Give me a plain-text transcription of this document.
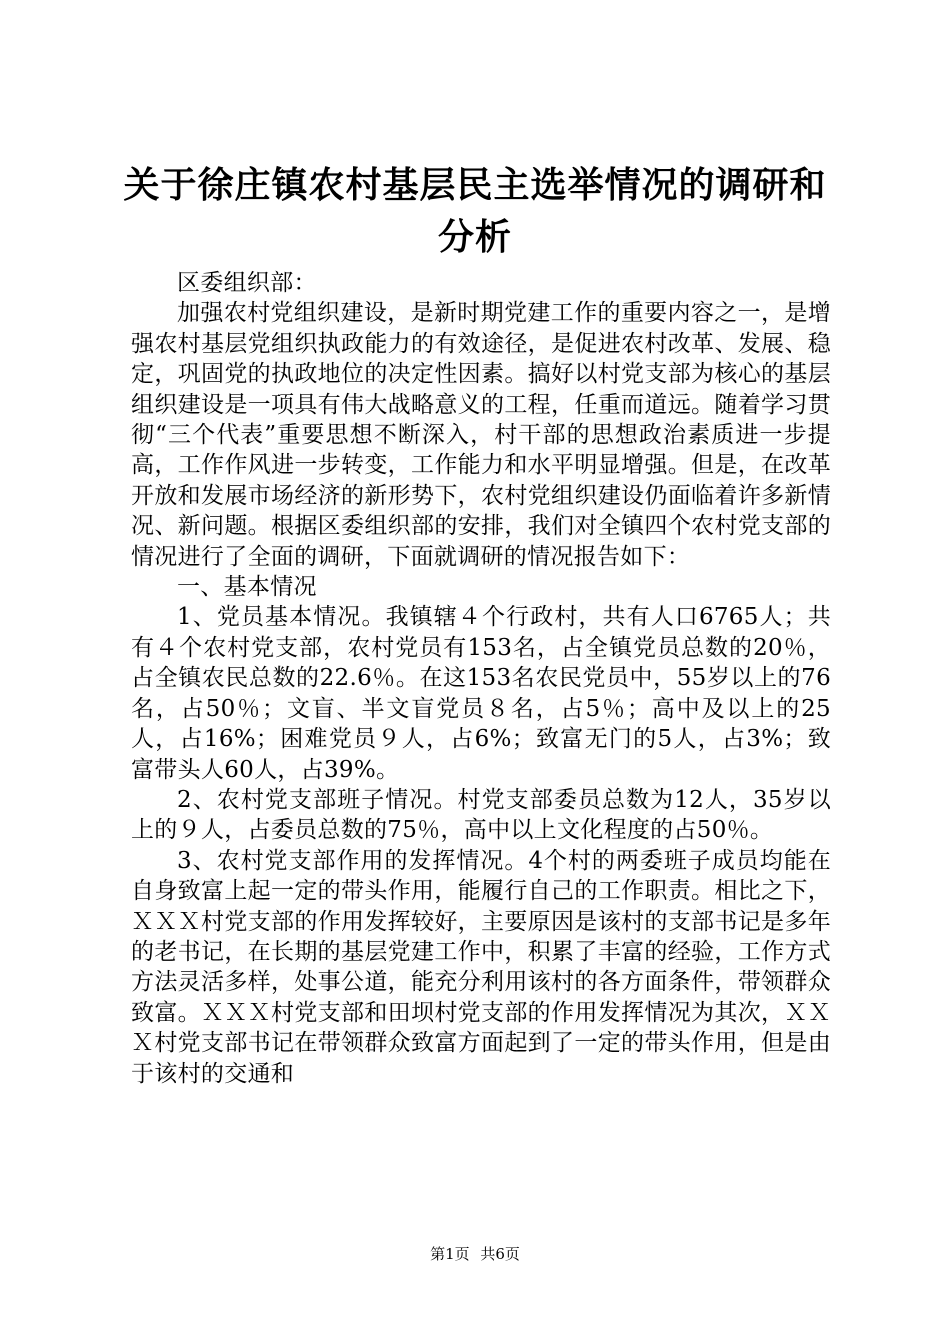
关于徐庄镇农村基层民主选举情况的调研和分析

区委组织部：

加强农村党组织建设，是新时期党建工作的重要内容之一，是增强农村基层党组织执政能力的有效途径，是促进农村改革、发展、稳定，巩固党的执政地位的决定性因素。搞好以村党支部为核心的基层组织建设是一项具有伟大战略意义的工程，任重而道远。随着学习贯彻“三个代表”重要思想不断深入，村干部的思想政治素质进一步提高，工作作风进一步转变，工作能力和水平明显增强。但是，在改革开放和发展市场经济的新形势下，农村党组织建设仍面临着许多新情况、新问题。根据区委组织部的安排，我们对全镇四个农村党支部的情况进行了全面的调研，下面就调研的情况报告如下：

一、基本情况

1、党员基本情况。我镇辖４个行政村，共有人口6765人；共有４个农村党支部，农村党员有153名，占全镇党员总数的20％，占全镇农民总数的22.6％。在这153名农民党员中，55岁以上的76名，占50％；文盲、半文盲党员８名，占5％；高中及以上的25人，占16%；困难党员９人，占6%；致富无门的5人，占3%；致富带头人60人，占39%。

2、农村党支部班子情况。村党支部委员总数为12人，35岁以上的９人，占委员总数的75％，高中以上文化程度的占50％。

3、农村党支部作用的发挥情况。4个村的两委班子成员均能在自身致富上起一定的带头作用，能履行自己的工作职责。相比之下，ＸＸＸ村党支部的作用发挥较好，主要原因是该村的支部书记是多年的老书记，在长期的基层党建工作中，积累了丰富的经验，工作方式方法灵活多样，处事公道，能充分利用该村的各方面条件，带领群众致富。ＸＸＸ村党支部和田坝村党支部的作用发挥情况为其次，ＸＸＸ村党支部书记在带领群众致富方面起到了一定的带头作用，但是由于该村的交通和

第1页 共6页
